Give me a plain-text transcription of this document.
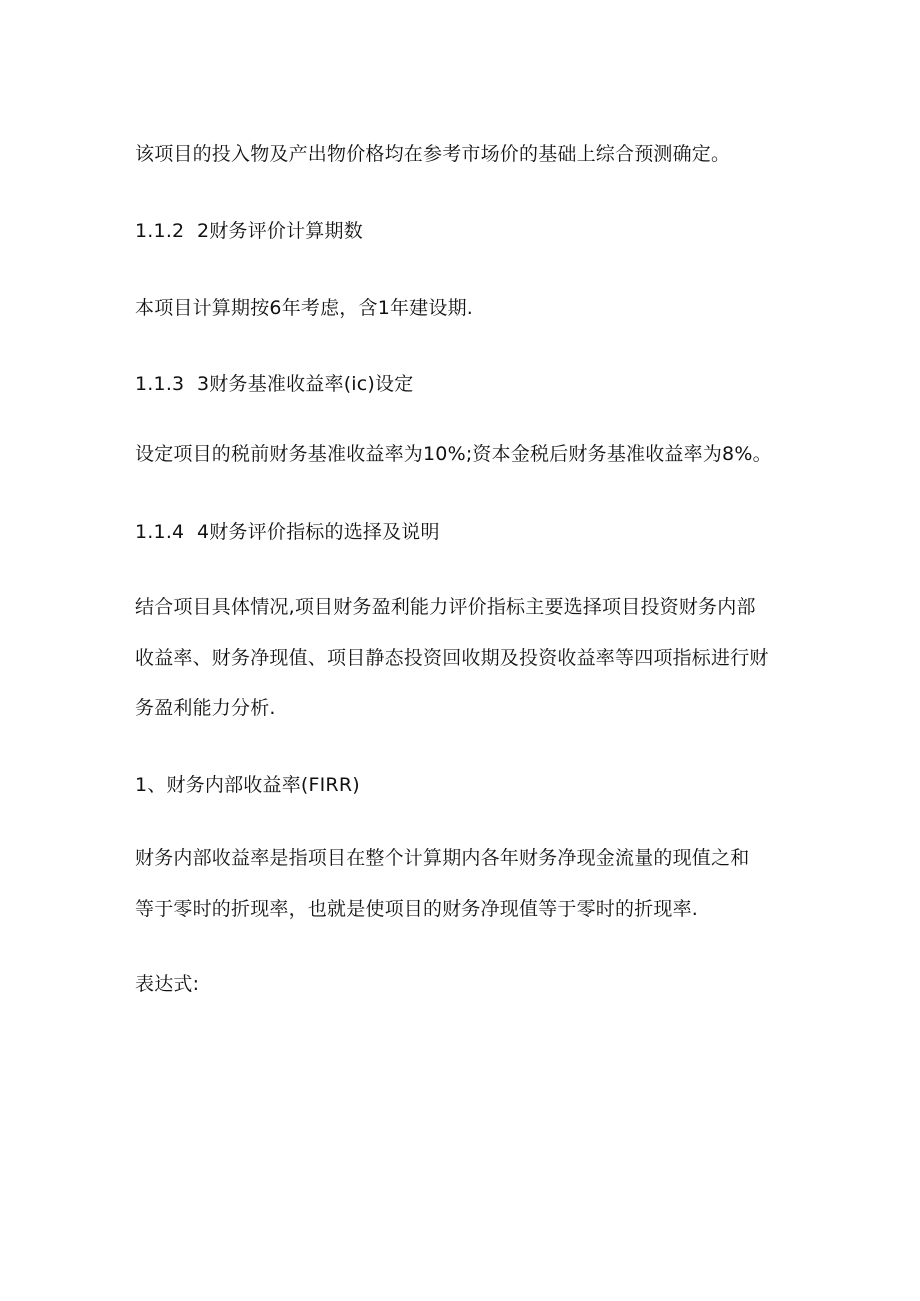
该项目的投入物及产出物价格均在参考市场价的基础上综合预测确定。
1.1.2 2财务评价计算期数
本项目计算期按6年考虑，含1年建设期.
1.1.3 3财务基准收益率(ic)设定
设定项目的税前财务基准收益率为10%;资本金税后财务基准收益率为8%。
1.1.4 4财务评价指标的选择及说明
结合项目具体情况,项目财务盈利能力评价指标主要选择项目投资财务内部
收益率、财务净现值、项目静态投资回收期及投资收益率等四项指标进行财
务盈利能力分析.
1、财务内部收益率(FIRR)
财务内部收益率是指项目在整个计算期内各年财务净现金流量的现值之和
等于零时的折现率，也就是使项目的财务净现值等于零时的折现率.
表达式:
